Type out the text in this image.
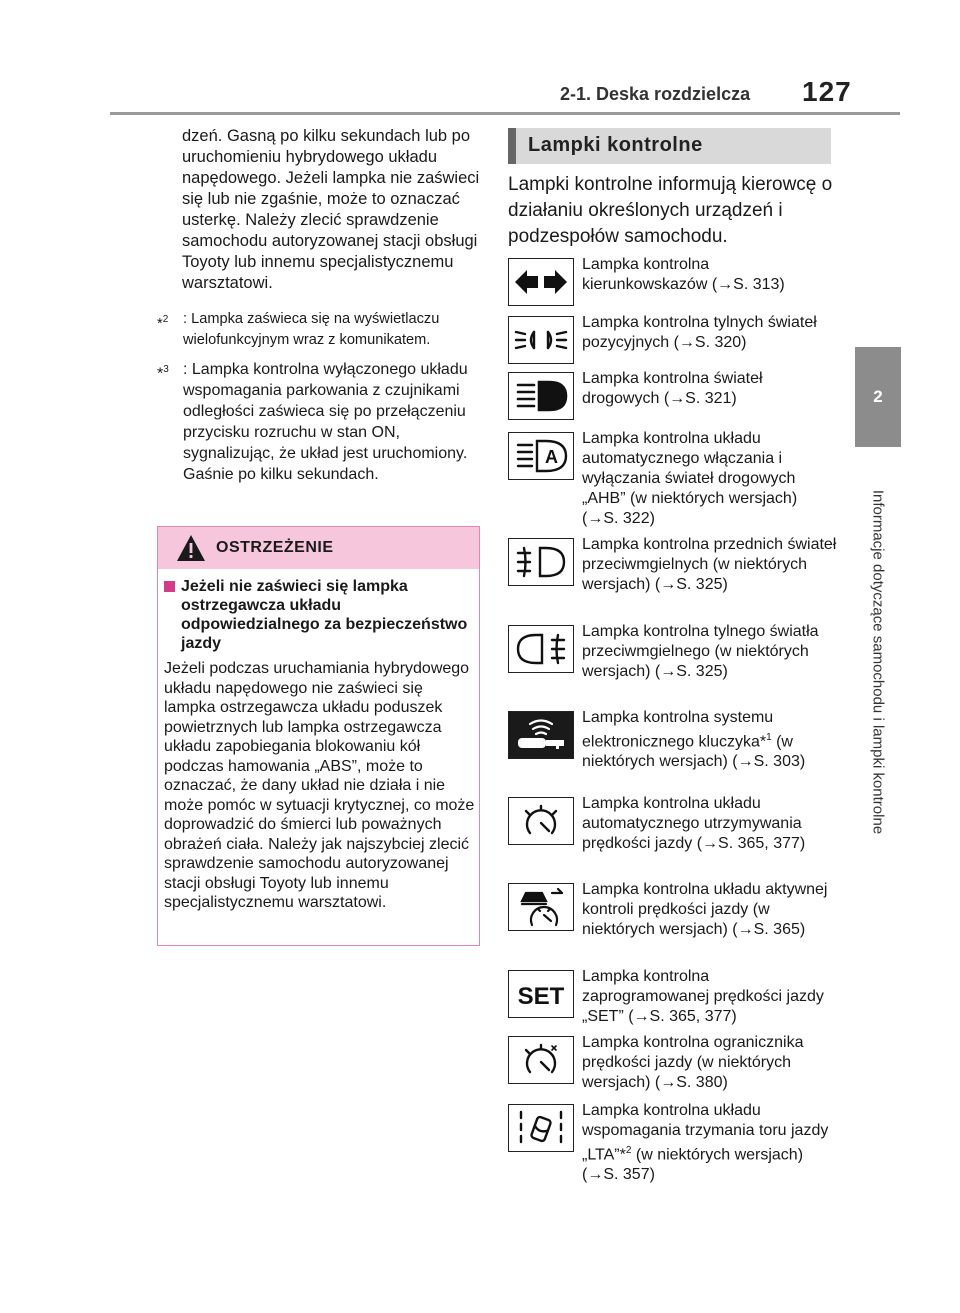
2-1. Deska rozdzielcza 127
2
Informacje dotyczące samochodu i lampki kontrolne
dzeń. Gasną po kilku sekundach lub po uruchomieniu hybrydowego układu napędowego. Jeżeli lampka nie zaświeci się lub nie zgaśnie, może to oznaczać usterkę. Należy zlecić sprawdzenie samochodu autoryzowanej stacji obsługi Toyoty lub innemu specjalistycznemu warsztatowi.
*$^2$	: Lampka zaświeca się na wyświetlaczu wielofunkcyjnym wraz z komunikatem.
*$^3$ : Lampka kontrolna wyłączonego układu wspomagania parkowania z czujnikami odległości zaświeca się po przełączeniu przycisku rozruchu w stan ON, sygnalizując, że układ jest uruchomiony. Gaśnie po kilku sekundach.
OSTRZEŻENIE
Jeżeli nie zaświeci się lampka ostrzegawcza układu odpowiedzialnego za bezpieczeństwo jazdy
Jeżeli podczas uruchamiania hybrydowego układu napędowego nie zaświeci się lampka ostrzegawcza układu poduszek powietrznych lub lampka ostrzegawcza układu zapobiegania blokowaniu kół podczas hamowania „ABS”, może to oznaczać, że dany układ nie działa i nie może pomóc w sytuacji krytycznej, co może doprowadzić do śmierci lub poważnych obrażeń ciała. Należy jak najszybciej zlecić sprawdzenie samochodu autoryzowanej stacji obsługi Toyoty lub innemu specjalistycznemu warsztatowi.
Lampki kontrolne
Lampki kontrolne informują kierowcę o działaniu określonych urządzeń i podzespołów samochodu.
Lampka kontrolna kierunkowskazów (→S. 313)
Lampka kontrolna tylnych świateł pozycyjnych (→S. 320)
Lampka kontrolna świateł drogowych (→S. 321)
A
Lampka kontrolna układu automatycznego włączania i wyłączania świateł drogowych „AHB” (w niektórych wersjach) (→S. 322)
Lampka kontrolna przednich świateł przeciwmgielnych (w niektórych wersjach) (→S. 325)
Lampka kontrolna tylnego światła przeciwmgielnego (w niektórych wersjach) (→S. 325)
Lampka kontrolna systemu elektronicznego kluczyka*$^1$ (w niektórych wersjach) (→S. 303)
Lampka kontrolna układu automatycznego utrzymywania prędkości jazdy (→S. 365, 377)
Lampka kontrolna układu aktywnej kontroli prędkości jazdy (w niektórych wersjach) (→S. 365)
SET
Lampka kontrolna zaprogramowanej prędkości jazdy „SET” (→S. 365, 377)
Lampka kontrolna ogranicznika prędkości jazdy (w niektórych wersjach) (→S. 380)
Lampka kontrolna układu wspomagania trzymania toru jazdy „LTA”*$^2$ (w niektórych wersjach) (→S. 357)
